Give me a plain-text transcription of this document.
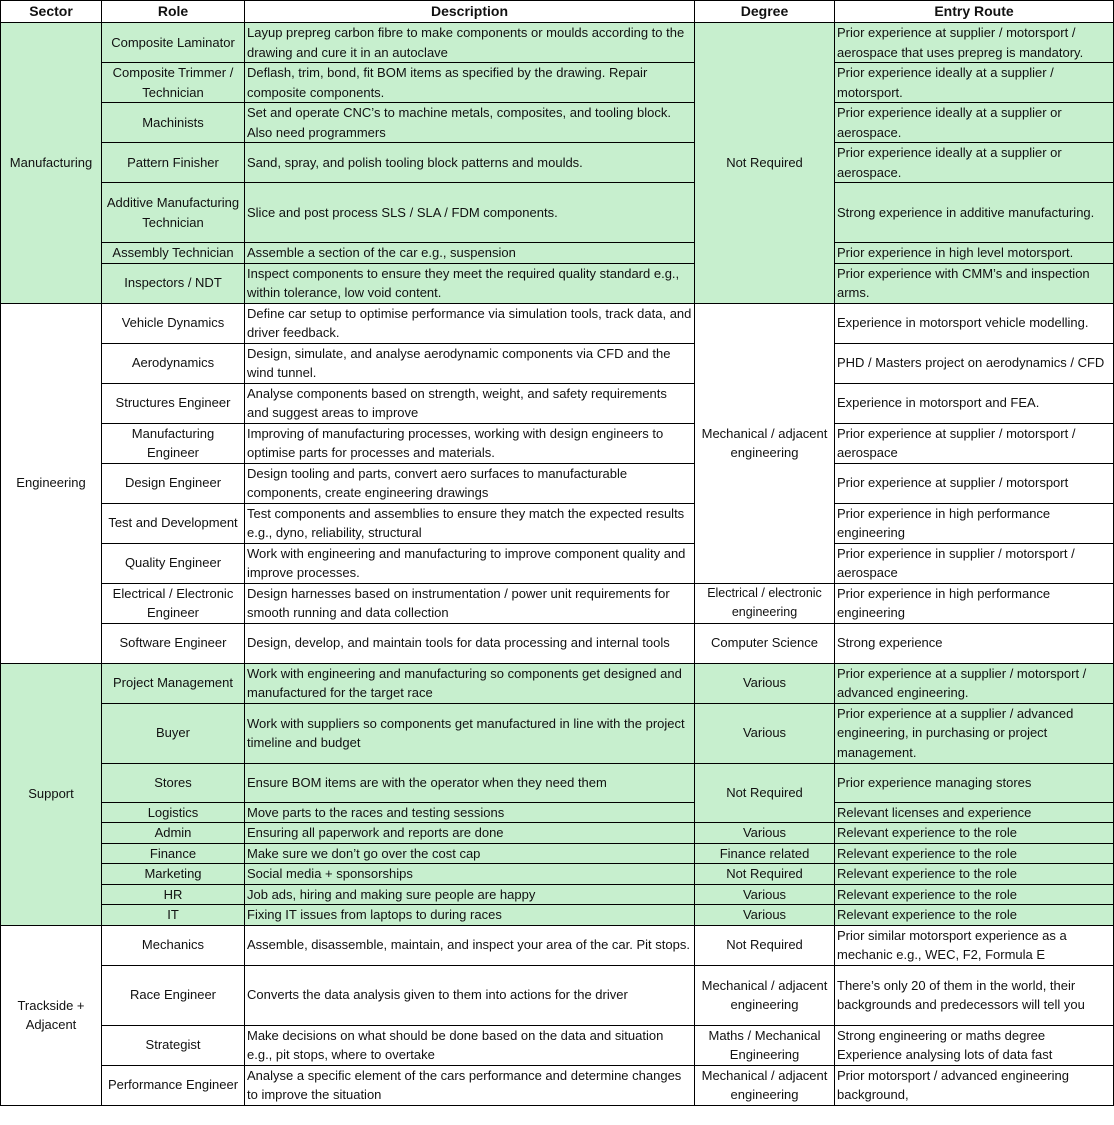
Sector	Role	Description	Degree	Entry Route
Manufacturing	Composite Laminator	Layup prepreg carbon fibre to make components or moulds according to the drawing and cure it in an autoclave	Not Required	Prior experience at supplier / motorsport / aerospace that uses prepreg is mandatory.
	Composite Trimmer / Technician	Deflash, trim, bond, fit BOM items as specified by the drawing. Repair composite components.		Prior experience ideally at a supplier / motorsport.
	Machinists	Set and operate CNC’s to machine metals, composites, and tooling block. Also need programmers		Prior experience ideally at a supplier or aerospace.
	Pattern Finisher	Sand, spray, and polish tooling block patterns and moulds.		Prior experience ideally at a supplier or aerospace.
	Additive Manufacturing Technician	Slice and post process SLS / SLA / FDM components.		Strong experience in additive manufacturing.
	Assembly Technician	Assemble a section of the car e.g., suspension		Prior experience in high level motorsport.
	Inspectors / NDT	Inspect components to ensure they meet the required quality standard e.g., within tolerance, low void content.		Prior experience with CMM’s and inspection arms.
Engineering	Vehicle Dynamics	Define car setup to optimise performance via simulation tools, track data, and driver feedback.	Mechanical / adjacent engineering	Experience in motorsport vehicle modelling.
	Aerodynamics	Design, simulate, and analyse aerodynamic components via CFD and the wind tunnel.		PHD / Masters project on aerodynamics / CFD
	Structures Engineer	Analyse components based on strength, weight, and safety requirements and suggest areas to improve		Experience in motorsport and FEA.
	Manufacturing Engineer	Improving of manufacturing processes, working with design engineers to optimise parts for processes and materials.		Prior experience at supplier / motorsport / aerospace
	Design Engineer	Design tooling and parts, convert aero surfaces to manufacturable components, create engineering drawings		Prior experience at supplier / motorsport
	Test and Development	Test components and assemblies to ensure they match the expected results e.g., dyno, reliability, structural		Prior experience in high performance engineering
	Quality Engineer	Work with engineering and manufacturing to improve component quality and improve processes.		Prior experience in supplier / motorsport / aerospace
	Electrical / Electronic Engineer	Design harnesses based on instrumentation / power unit requirements for smooth running and data collection	Electrical / electronic engineering	Prior experience in high performance engineering
	Software Engineer	Design, develop, and maintain tools for data processing and internal tools	Computer Science	Strong experience
Support	Project Management	Work with engineering and manufacturing so components get designed and manufactured for the target race	Various	Prior experience at a supplier / motorsport / advanced engineering.
	Buyer	Work with suppliers so components get manufactured in line with the project timeline and budget	Various	Prior experience at a supplier / advanced engineering, in purchasing or project management.
	Stores	Ensure BOM items are with the operator when they need them	Not Required	Prior experience managing stores
	Logistics	Move parts to the races and testing sessions		Relevant licenses and experience
	Admin	Ensuring all paperwork and reports are done	Various	Relevant experience to the role
	Finance	Make sure we don’t go over the cost cap	Finance related	Relevant experience to the role
	Marketing	Social media + sponsorships	Not Required	Relevant experience to the role
	HR	Job ads, hiring and making sure people are happy	Various	Relevant experience to the role
	IT	Fixing IT issues from laptops to during races	Various	Relevant experience to the role
Trackside + Adjacent	Mechanics	Assemble, disassemble, maintain, and inspect your area of the car. Pit stops.	Not Required	Prior similar motorsport experience as a mechanic e.g., WEC, F2, Formula E
	Race Engineer	Converts the data analysis given to them into actions for the driver	Mechanical / adjacent engineering	There’s only 20 of them in the world, their backgrounds and predecessors will tell you
	Strategist	Make decisions on what should be done based on the data and situation e.g., pit stops, where to overtake	Maths / Mechanical Engineering	Strong engineering or maths degree Experience analysing lots of data fast
	Performance Engineer	Analyse a specific element of the cars performance and determine changes to improve the situation	Mechanical / adjacent engineering	Prior motorsport / advanced engineering background,
